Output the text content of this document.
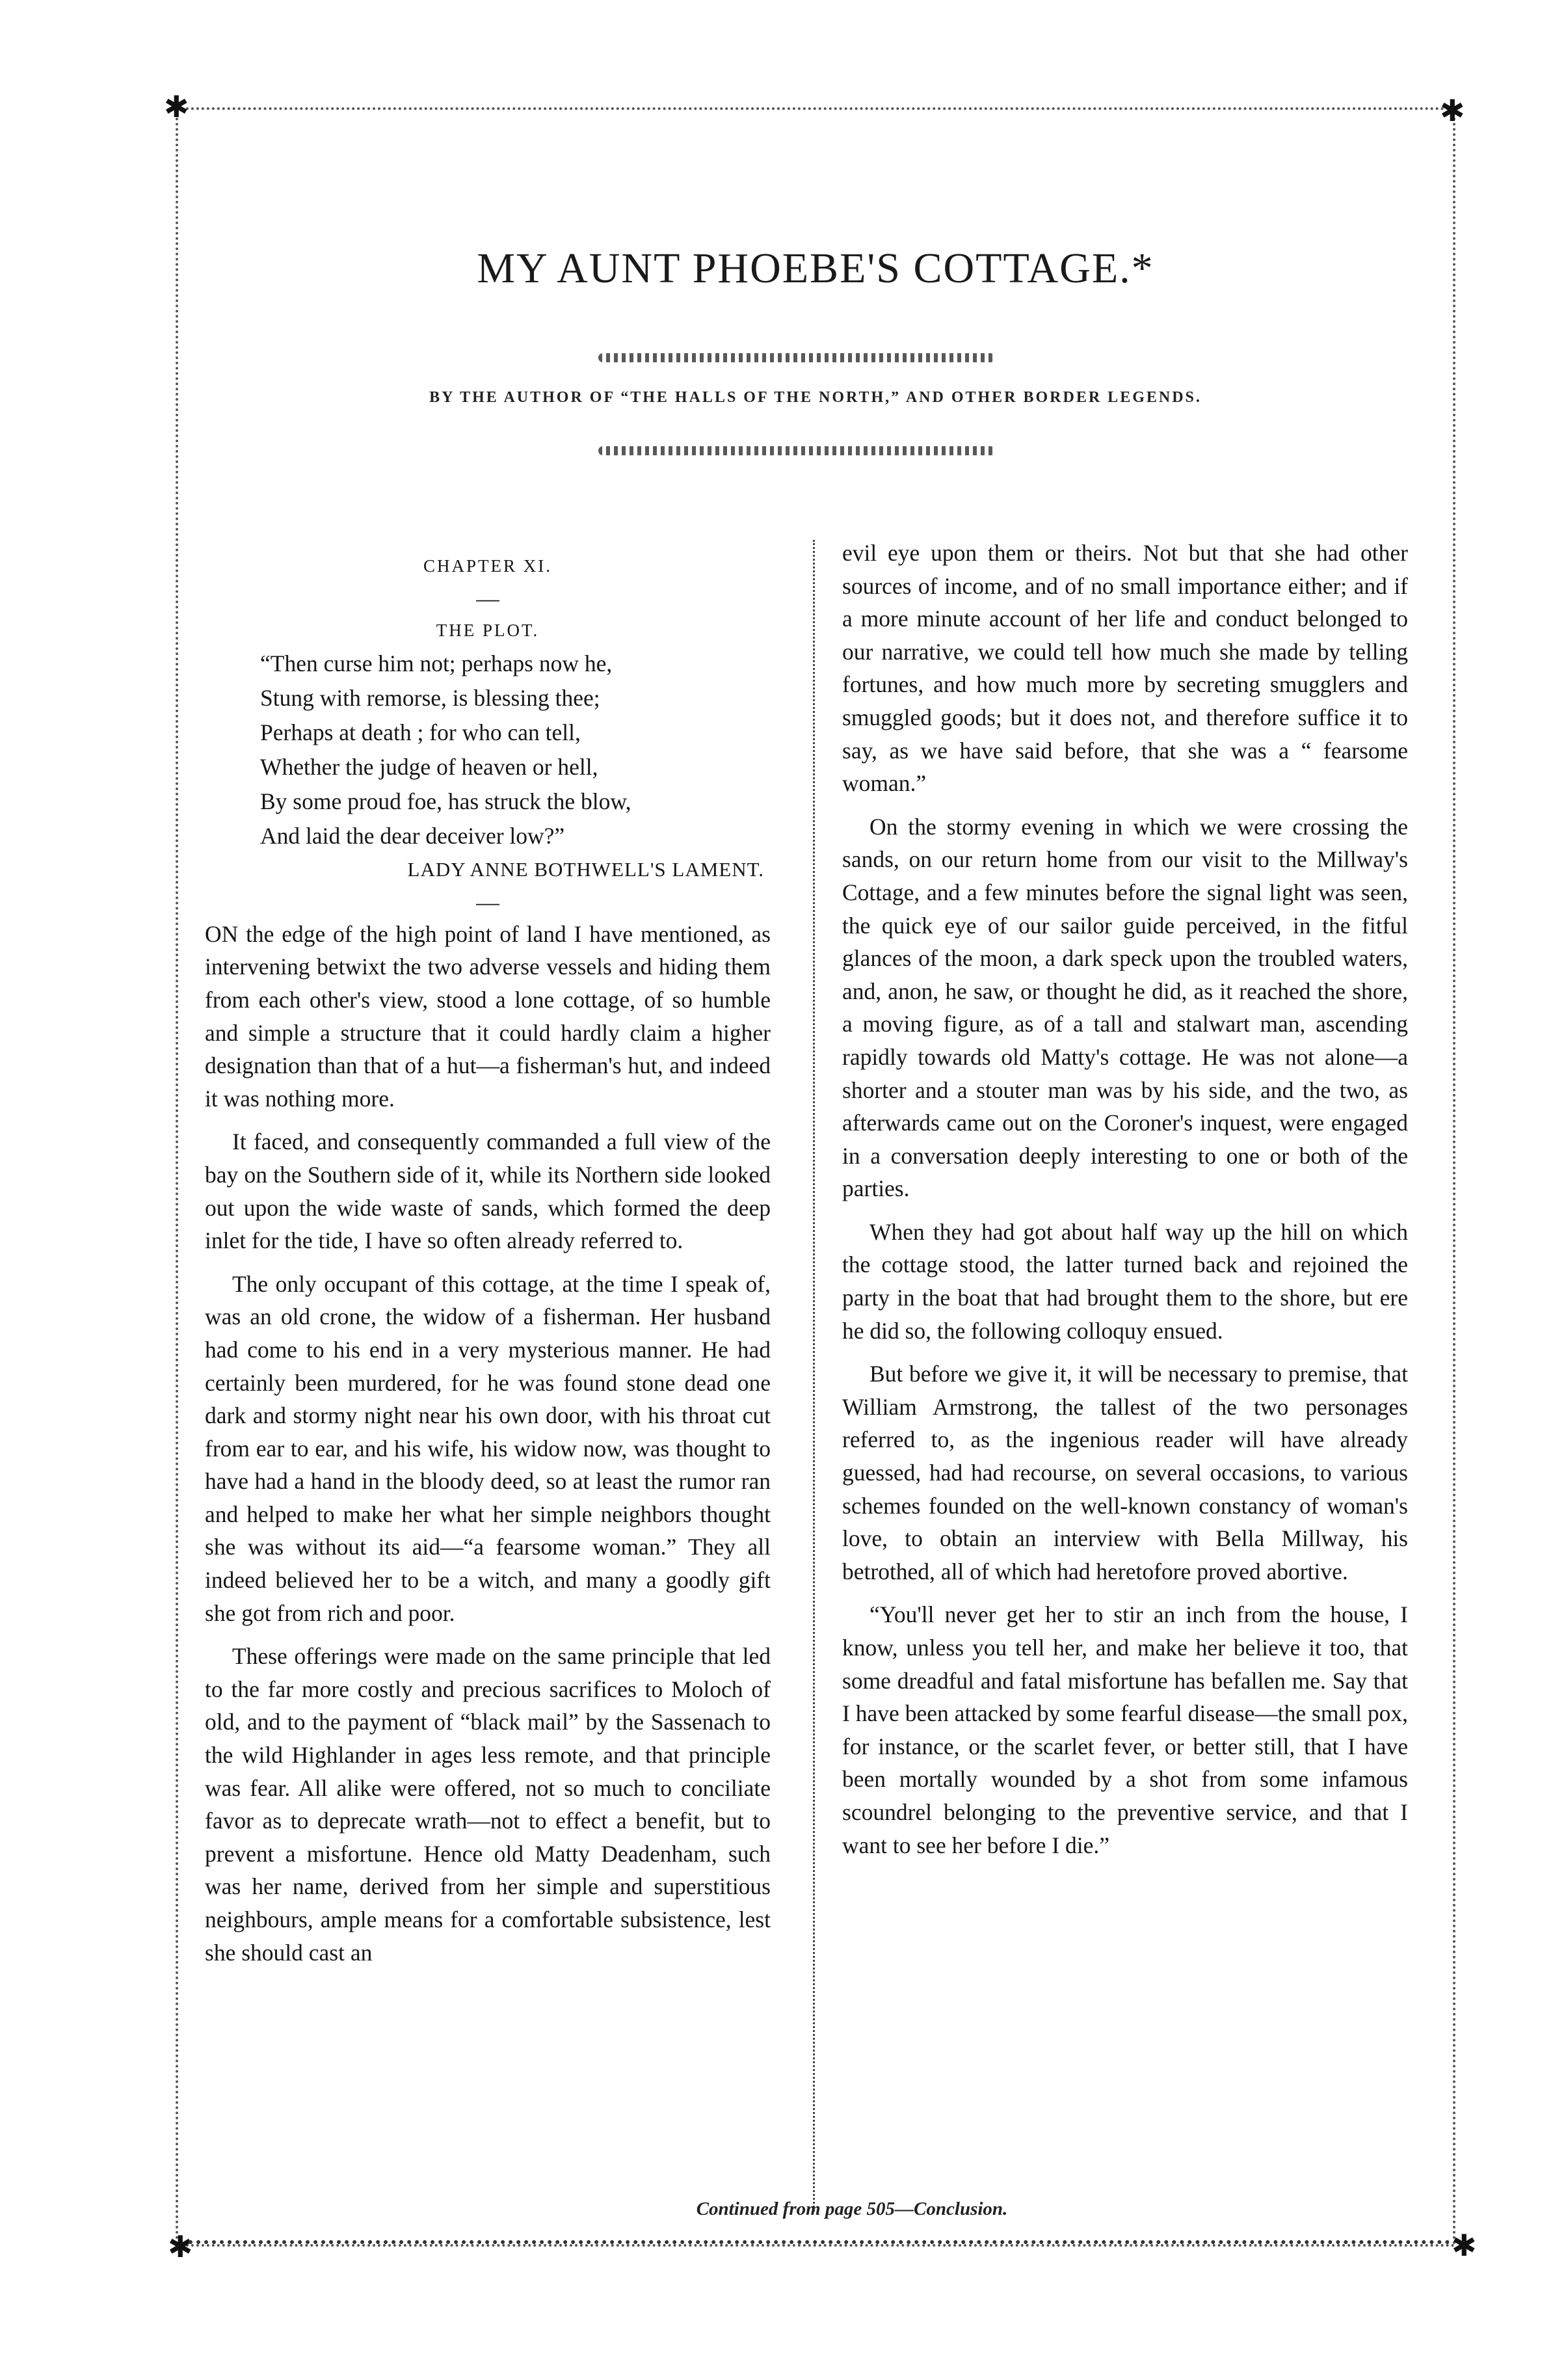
✱	✱
✱	✱
MY AUNT PHOEBE'S COTTAGE.*
BY THE AUTHOR OF “THE HALLS OF THE NORTH,” AND OTHER BORDER LEGENDS.
CHAPTER XI.
—
THE PLOT.
“Then curse him not; perhaps now he,
Stung with remorse, is blessing thee;
Perhaps at death ; for who can tell,
Whether the judge of heaven or hell,
By some proud foe, has struck the blow,
And laid the dear deceiver low?”
LADY ANNE BOTHWELL'S LAMENT.
—

ON the edge of the high point of land I have mentioned, as intervening betwixt the two adverse vessels and hiding them from each other's view, stood a lone cottage, of so humble and simple a structure that it could hardly claim a higher designation than that of a hut—a fisherman's hut, and indeed it was nothing more.

It faced, and consequently commanded a full view of the bay on the Southern side of it, while its Northern side looked out upon the wide waste of sands, which formed the deep inlet for the tide, I have so often already referred to.

The only occupant of this cottage, at the time I speak of, was an old crone, the widow of a fisherman. Her husband had come to his end in a very mysterious manner. He had certainly been murdered, for he was found stone dead one dark and stormy night near his own door, with his throat cut from ear to ear, and his wife, his widow now, was thought to have had a hand in the bloody deed, so at least the rumor ran and helped to make her what her simple neighbors thought she was without its aid—“a fearsome woman.” They all indeed believed her to be a witch, and many a goodly gift she got from rich and poor.

These offerings were made on the same principle that led to the far more costly and precious sacrifices to Moloch of old, and to the payment of “black mail” by the Sassenach to the wild Highlander in ages less remote, and that principle was fear. All alike were offered, not so much to conciliate favor as to deprecate wrath—not to effect a benefit, but to prevent a misfortune. Hence old Matty Deadenham, such was her name, derived from her simple and superstitious neighbours, ample means for a comfortable subsistence, lest she should cast an

evil eye upon them or theirs. Not but that she had other sources of income, and of no small importance either; and if a more minute account of her life and conduct belonged to our narrative, we could tell how much she made by telling fortunes, and how much more by secreting smugglers and smuggled goods; but it does not, and therefore suffice it to say, as we have said before, that she was a “ fearsome woman.”

On the stormy evening in which we were crossing the sands, on our return home from our visit to the Millway's Cottage, and a few minutes before the signal light was seen, the quick eye of our sailor guide perceived, in the fitful glances of the moon, a dark speck upon the troubled waters, and, anon, he saw, or thought he did, as it reached the shore, a moving figure, as of a tall and stalwart man, ascending rapidly towards old Matty's cottage. He was not alone—a shorter and a stouter man was by his side, and the two, as afterwards came out on the Coroner's inquest, were engaged in a conversation deeply interesting to one or both of the parties.

When they had got about half way up the hill on which the cottage stood, the latter turned back and rejoined the party in the boat that had brought them to the shore, but ere he did so, the following colloquy ensued.

But before we give it, it will be necessary to premise, that William Armstrong, the tallest of the two personages referred to, as the ingenious reader will have already guessed, had had recourse, on several occasions, to various schemes founded on the well-known constancy of woman's love, to obtain an interview with Bella Millway, his betrothed, all of which had heretofore proved abortive.

“You'll never get her to stir an inch from the house, I know, unless you tell her, and make her believe it too, that some dreadful and fatal misfortune has befallen me. Say that I have been attacked by some fearful disease—the small pox, for instance, or the scarlet fever, or better still, that I have been mortally wounded by a shot from some infamous scoundrel belonging to the preventive service, and that I want to see her before I die.”

Continued from page 505—Conclusion.
